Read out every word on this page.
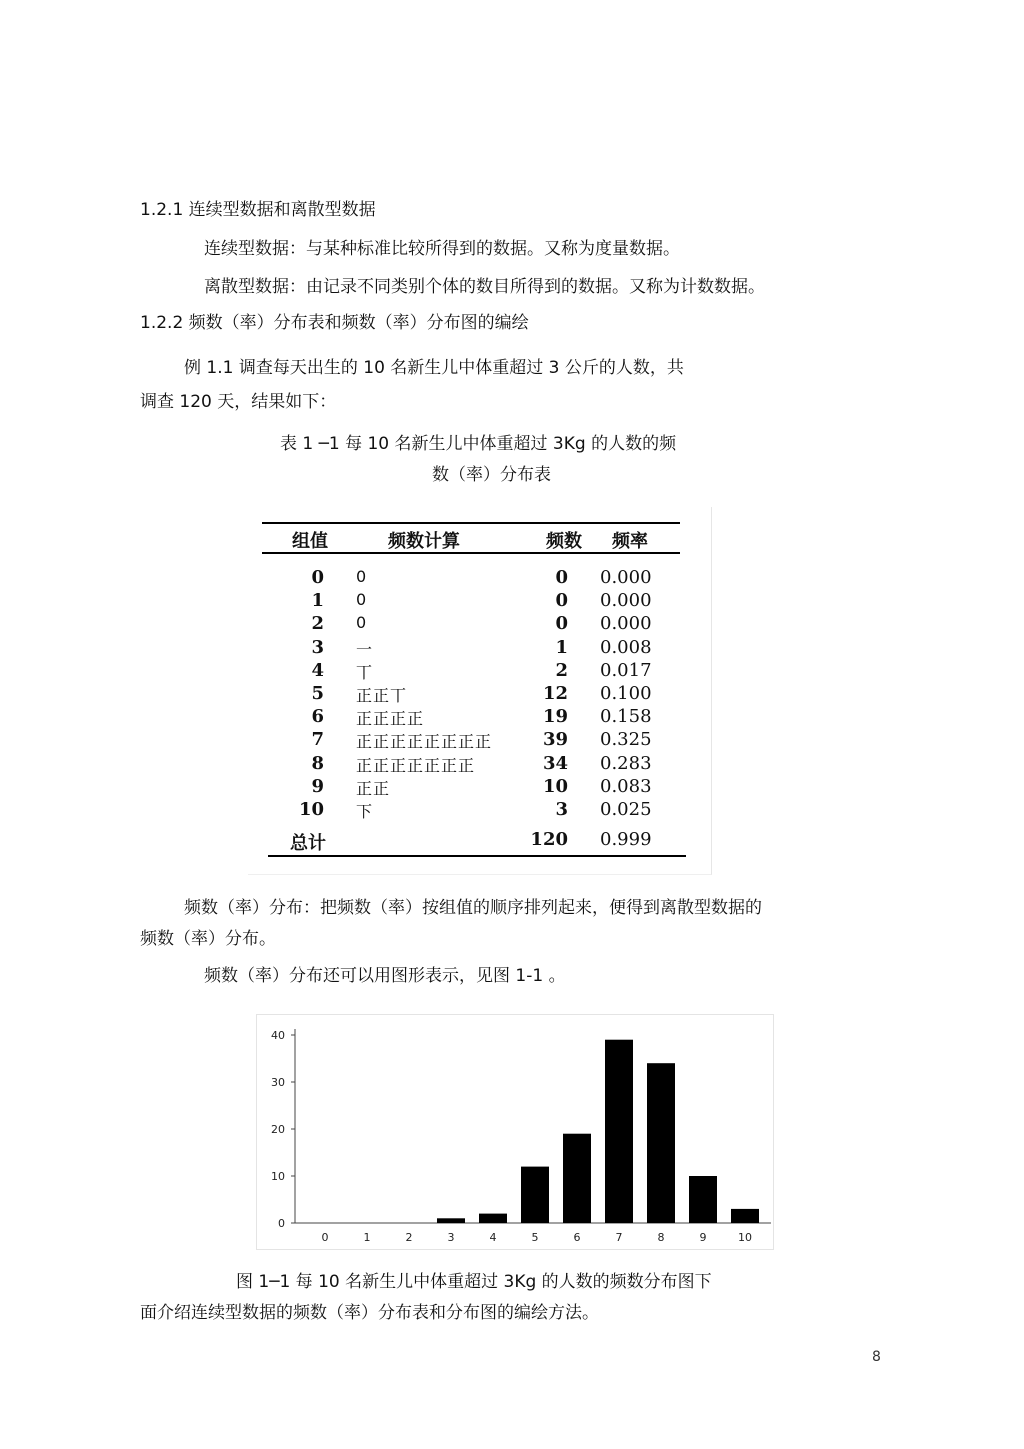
1.2.1 连续型数据和离散型数据
连续型数据：与某种标准比较所得到的数据。又称为度量数据。
离散型数据：由记录不同类别个体的数目所得到的数据。又称为计数数据。
1.2.2 频数（率）分布表和频数（率）分布图的编绘
例 1.1 调查每天出生的 10 名新生儿中体重超过 3 公斤的人数，共
调查 120 天，结果如下：
表 1 ─1 每 10 名新生儿中体重超过 3Kg 的人数的频
数（率）分布表
组值	频数计算	频数 频率
0 0	0 0.000
1 0	0 0.000
2 0	0 0.000
3 一	1 0.008
4 丅	2 0.017
5 正正丅	12 0.100
6 正正正正	19 0.158
7 正正正正正正正正	39 0.325
8 正正正正正正正	34 0.283
9 正正	10 0.083
10 下	3 0.025
总计	120 0.999
频数（率）分布：把频数（率）按组值的顺序排列起来，便得到离散型数据的
频数（率）分布。
频数（率）分布还可以用图形表示，见图 1-1 。
0
10
20
30
40
0	1	2	3	4	5	6	7	8	9	10
图 1─1 每 10 名新生儿中体重超过 3Kg 的人数的频数分布图下
面介绍连续型数据的频数（率）分布表和分布图的编绘方法。
8
